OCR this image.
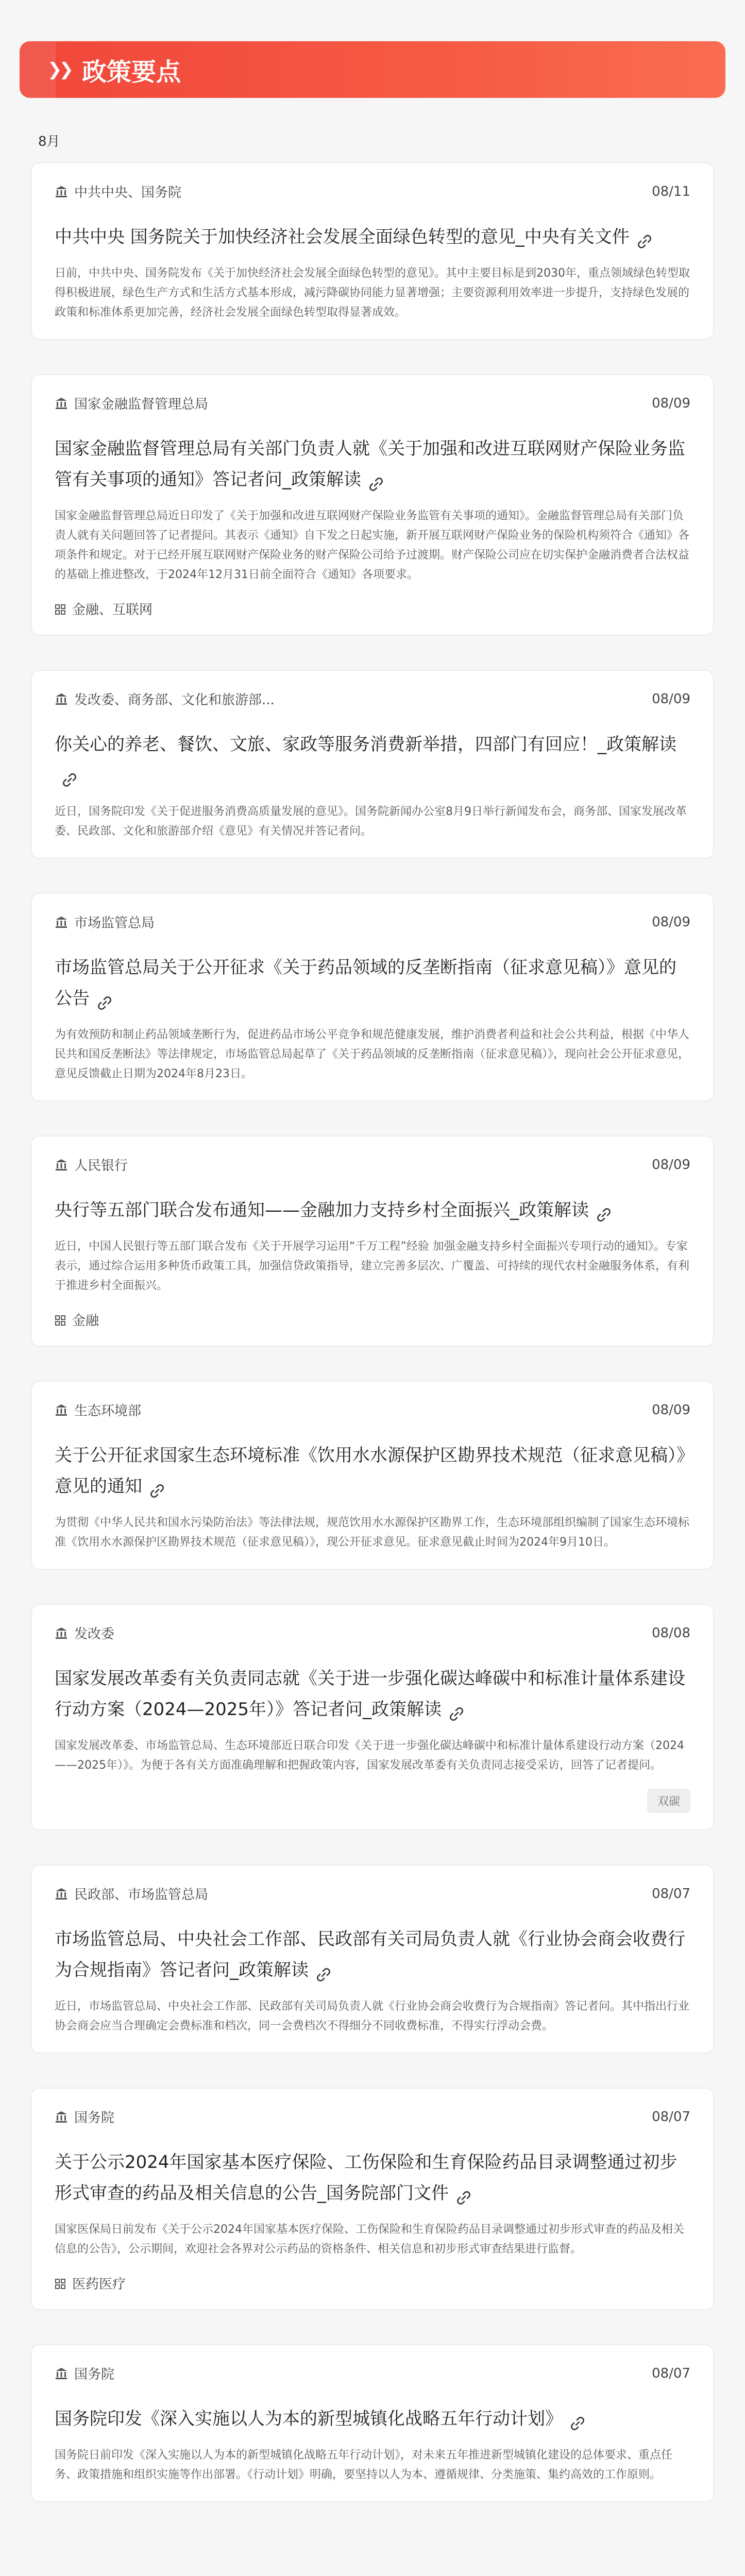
❯❯ 政策要点
8月
中共中央、国务院	08/11
中共中央 国务院关于加快经济社会发展全面绿色转型的意见_中央有关文件
日前，中共中央、国务院发布《关于加快经济社会发展全面绿色转型的意见》。其中主要目标是到2030年，重点领域绿色转型取得积极进展，绿色生产方式和生活方式基本形成，减污降碳协同能力显著增强；主要资源利用效率进一步提升，支持绿色发展的政策和标准体系更加完善，经济社会发展全面绿色转型取得显著成效。
国家金融监督管理总局	08/09
国家金融监督管理总局有关部门负责人就《关于加强和改进互联网财产保险业务监管有关事项的通知》答记者问_政策解读
国家金融监督管理总局近日印发了《关于加强和改进互联网财产保险业务监管有关事项的通知》。金融监督管理总局有关部门负责人就有关问题回答了记者提问。其表示《通知》自下发之日起实施，新开展互联网财产保险业务的保险机构须符合《通知》各项条件和规定。对于已经开展互联网财产保险业务的财产保险公司给予过渡期。财产保险公司应在切实保护金融消费者合法权益的基础上推进整改，于2024年12月31日前全面符合《通知》各项要求。
金融、互联网
发改委、商务部、文化和旅游部...	08/09
你关心的养老、餐饮、文旅、家政等服务消费新举措，四部门有回应！_政策解读
近日，国务院印发《关于促进服务消费高质量发展的意见》。国务院新闻办公室8月9日举行新闻发布会，商务部、国家发展改革委、民政部、文化和旅游部介绍《意见》有关情况并答记者问。
市场监管总局	08/09
市场监管总局关于公开征求《关于药品领域的反垄断指南（征求意见稿）》意见的公告
为有效预防和制止药品领域垄断行为，促进药品市场公平竞争和规范健康发展，维护消费者利益和社会公共利益，根据《中华人民共和国反垄断法》等法律规定，市场监管总局起草了《关于药品领域的反垄断指南（征求意见稿）》，现向社会公开征求意见，意见反馈截止日期为2024年8月23日。
人民银行	08/09
央行等五部门联合发布通知——金融加力支持乡村全面振兴_政策解读
近日，中国人民银行等五部门联合发布《关于开展学习运用“千万工程”经验 加强金融支持乡村全面振兴专项行动的通知》。专家表示，通过综合运用多种货币政策工具，加强信贷政策指导，建立完善多层次、广覆盖、可持续的现代农村金融服务体系，有利于推进乡村全面振兴。
金融
生态环境部	08/09
关于公开征求国家生态环境标准《饮用水水源保护区勘界技术规范（征求意见稿）》意见的通知
为贯彻《中华人民共和国水污染防治法》等法律法规，规范饮用水水源保护区勘界工作，生态环境部组织编制了国家生态环境标准《饮用水水源保护区勘界技术规范（征求意见稿）》，现公开征求意见。征求意见截止时间为2024年9月10日。
发改委	08/08
国家发展改革委有关负责同志就《关于进一步强化碳达峰碳中和标准计量体系建设行动方案（2024—2025年）》答记者问_政策解读
国家发展改革委、市场监管总局、生态环境部近日联合印发《关于进一步强化碳达峰碳中和标准计量体系建设行动方案（2024——2025年）》。为便于各有关方面准确理解和把握政策内容，国家发展改革委有关负责同志接受采访，回答了记者提问。
双碳
民政部、市场监管总局	08/07
市场监管总局、中央社会工作部、民政部有关司局负责人就《行业协会商会收费行为合规指南》答记者问_政策解读
近日，市场监管总局、中央社会工作部、民政部有关司局负责人就《行业协会商会收费行为合规指南》答记者问。其中指出行业协会商会应当合理确定会费标准和档次，同一会费档次不得细分不同收费标准，不得实行浮动会费。
国务院	08/07
关于公示2024年国家基本医疗保险、工伤保险和生育保险药品目录调整通过初步形式审查的药品及相关信息的公告_国务院部门文件
国家医保局日前发布《关于公示2024年国家基本医疗保险、工伤保险和生育保险药品目录调整通过初步形式审查的药品及相关信息的公告》，公示期间，欢迎社会各界对公示药品的资格条件、相关信息和初步形式审查结果进行监督。
医药医疗
国务院	08/07
国务院印发《深入实施以人为本的新型城镇化战略五年行动计划》
国务院日前印发《深入实施以人为本的新型城镇化战略五年行动计划》，对未来五年推进新型城镇化建设的总体要求、重点任务、政策措施和组织实施等作出部署。《行动计划》明确，要坚持以人为本、遵循规律、分类施策、集约高效的工作原则。
